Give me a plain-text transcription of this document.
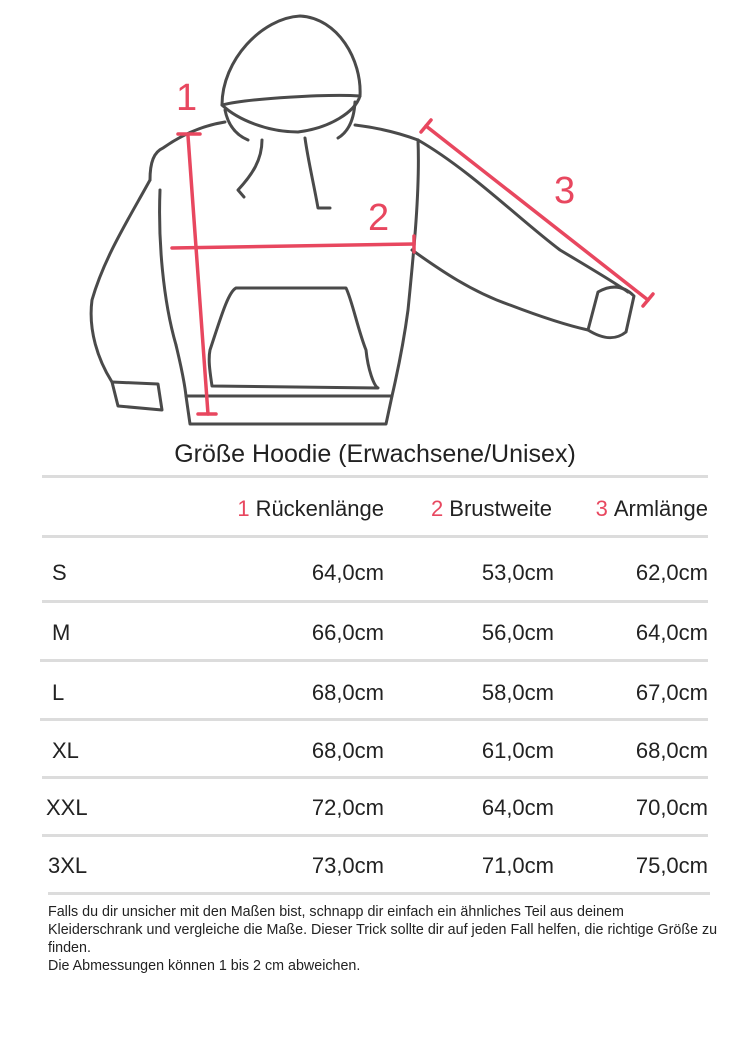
1
2
3
Größe Hoodie (Erwachsene/Unisex)
1 Rückenlänge 2 Brustweite 3 Armlänge
S	64,0cm	53,0cm	62,0cm
M	66,0cm	56,0cm	64,0cm
L	68,0cm	58,0cm	67,0cm
XL	68,0cm	61,0cm	68,0cm
XXL	72,0cm	64,0cm	70,0cm
3XL	73,0cm	71,0cm	75,0cm

Falls du dir unsicher mit den Maßen bist, schnapp dir einfach ein ähnliches Teil aus deinem Kleiderschrank und vergleiche die Maße. Dieser Trick sollte dir auf jeden Fall helfen, die richtige Größe zu finden.

Die Abmessungen können 1 bis 2 cm abweichen.
